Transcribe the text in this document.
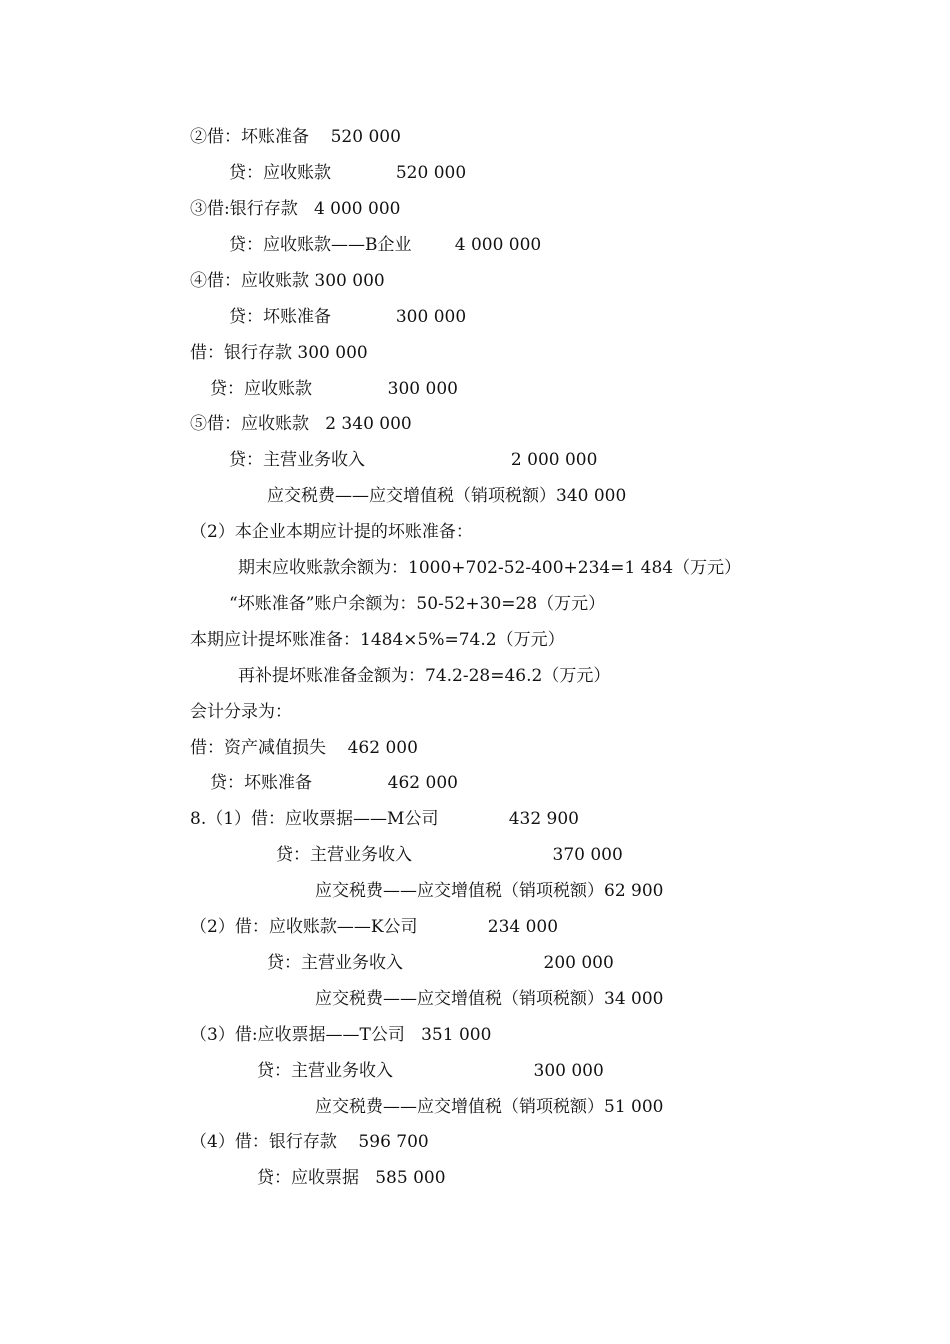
②借：坏账准备    520 000
贷：应收账款            520 000
③借:银行存款   4 000 000
贷：应收账款——B企业        4 000 000
④借：应收账款 300 000
贷：坏账准备            300 000
借：银行存款 300 000
贷：应收账款              300 000
⑤借：应收账款   2 340 000
贷：主营业务收入                           2 000 000
应交税费——应交增值税（销项税额）340 000
（2）本企业本期应计提的坏账准备：
期末应收账款余额为：1000+702-52-400+234=1 484（万元）
“坏账准备”账户余额为：50-52+30=28（万元）
本期应计提坏账准备：1484×5%=74.2（万元）
再补提坏账准备金额为：74.2-28=46.2（万元）
会计分录为：
借：资产减值损失    462 000
贷：坏账准备              462 000
8.（1）借：应收票据——M公司             432 900
贷：主营业务收入                          370 000
应交税费——应交增值税（销项税额）62 900
（2）借：应收账款——K公司             234 000
贷：主营业务收入                          200 000
应交税费——应交增值税（销项税额）34 000
（3）借:应收票据——T公司   351 000
贷：主营业务收入                          300 000
应交税费——应交增值税（销项税额）51 000
（4）借：银行存款    596 700
贷：应收票据   585 000
